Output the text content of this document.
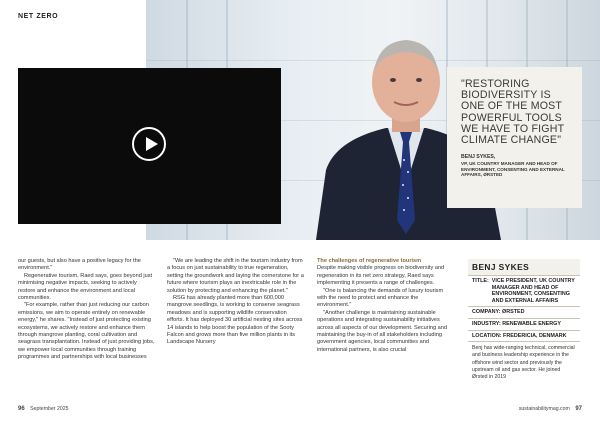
NET ZERO
"RESTORING BIODIVERSITY IS ONE OF THE MOST POWERFUL TOOLS WE HAVE TO FIGHT CLIMATE CHANGE"
BENJ SYKES,
VP, UK COUNTRY MANAGER AND HEAD OF ENVIRONMENT, CONSENTING AND EXTERNAL AFFAIRS, ØRSTED

our guests, but also have a positive legacy for the environment."

Regenerative tourism, Raed says, goes beyond just minimising negative impacts, seeking to actively restore and enhance the environment and local communities.

"For example, rather than just reducing our carbon emissions, we aim to operate entirely on renewable energy," he shares. "Instead of just protecting existing ecosystems, we actively restore and enhance them through mangrove planting, coral cultivation and seagrass transplantation. Instead of just providing jobs, we empower local communities through training programmes and partnerships with local businesses

"We are leading the shift in the tourism industry from a focus on just sustainability to true regeneration, setting the groundwork and laying the cornerstone for a future where tourism plays an inextricable role in the solution by protecting and enhancing the planet."

RSG has already planted more than 600,000 mangrove seedlings, is working to conserve seagrass meadows and is supporting wildlife conservation efforts. It has deployed 30 artificial nesting sites across 14 islands to help boost the population of the Sooty Falcon and grows more than five million plants in its Landscape Nursery

The challenges of regenerative tourism

Despite making visible progress on biodiversity and regeneration in its net zero strategy, Raed says implementing it presents a range of challenges.

"One is balancing the demands of luxury tourism with the need to protect and enhance the environment."

"Another challenge is maintaining sustainable operations and integrating sustainability initiatives across all aspects of our development. Securing and maintaining the buy-in of all stakeholders including government agencies, local communities and international partners, is also crucial

BENJ SYKES
TITLE: VICE PRESIDENT, UK COUNTRY MANAGER AND HEAD OF ENVIRONMENT, CONSENTING AND EXTERNAL AFFAIRS
COMPANY: ØRSTED
INDUSTRY: RENEWABLE ENERGY
LOCATION: FREDERICIA, DENMARK
Benj has wide-ranging technical, commercial and business leadership experience in the offshore wind sector and previously the upstream oil and gas sector. He joined Ørsted in 2019
96 September 2025	sustainabilitymag.com 97
